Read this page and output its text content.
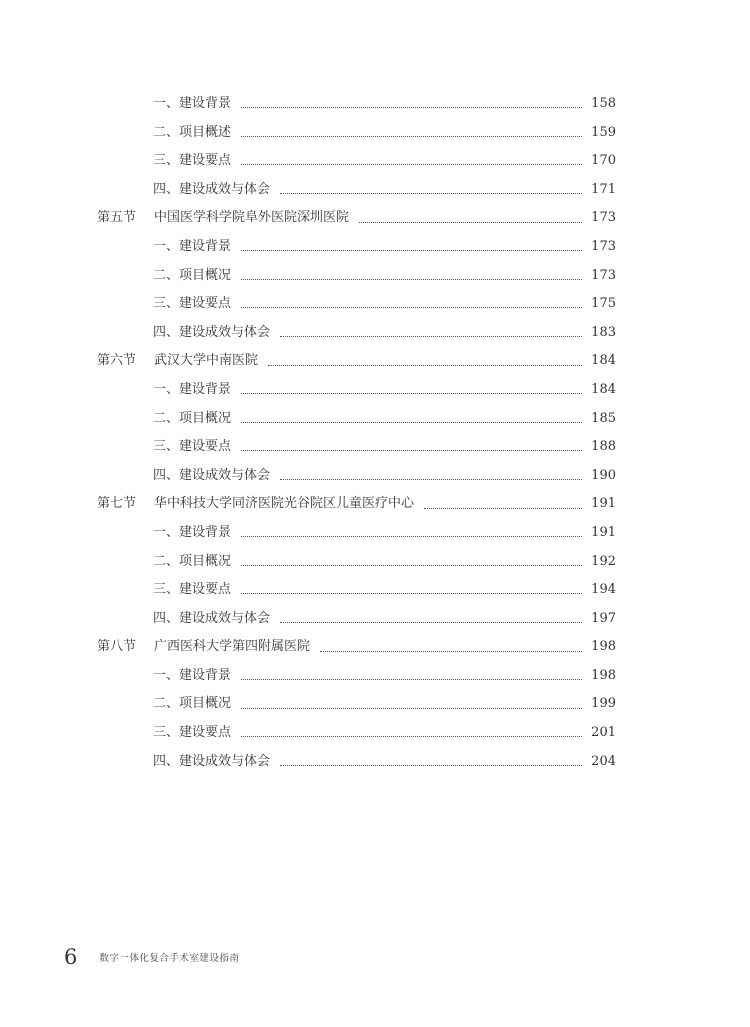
一、建设背景	158
二、项目概述	159
三、建设要点	170
四、建设成效与体会	171
第五节 中国医学科学院阜外医院深圳医院	173
一、建设背景	173
二、项目概况	173
三、建设要点	175
四、建设成效与体会	183
第六节 武汉大学中南医院	184
一、建设背景	184
二、项目概况	185
三、建设要点	188
四、建设成效与体会	190
第七节 华中科技大学同济医院光谷院区儿童医疗中心	191
一、建设背景	191
二、项目概况	192
三、建设要点	194
四、建设成效与体会	197
第八节 广西医科大学第四附属医院	198
一、建设背景	198
二、项目概况	199
三、建设要点	201
四、建设成效与体会	204
6 数字一体化复合手术室建设指南
